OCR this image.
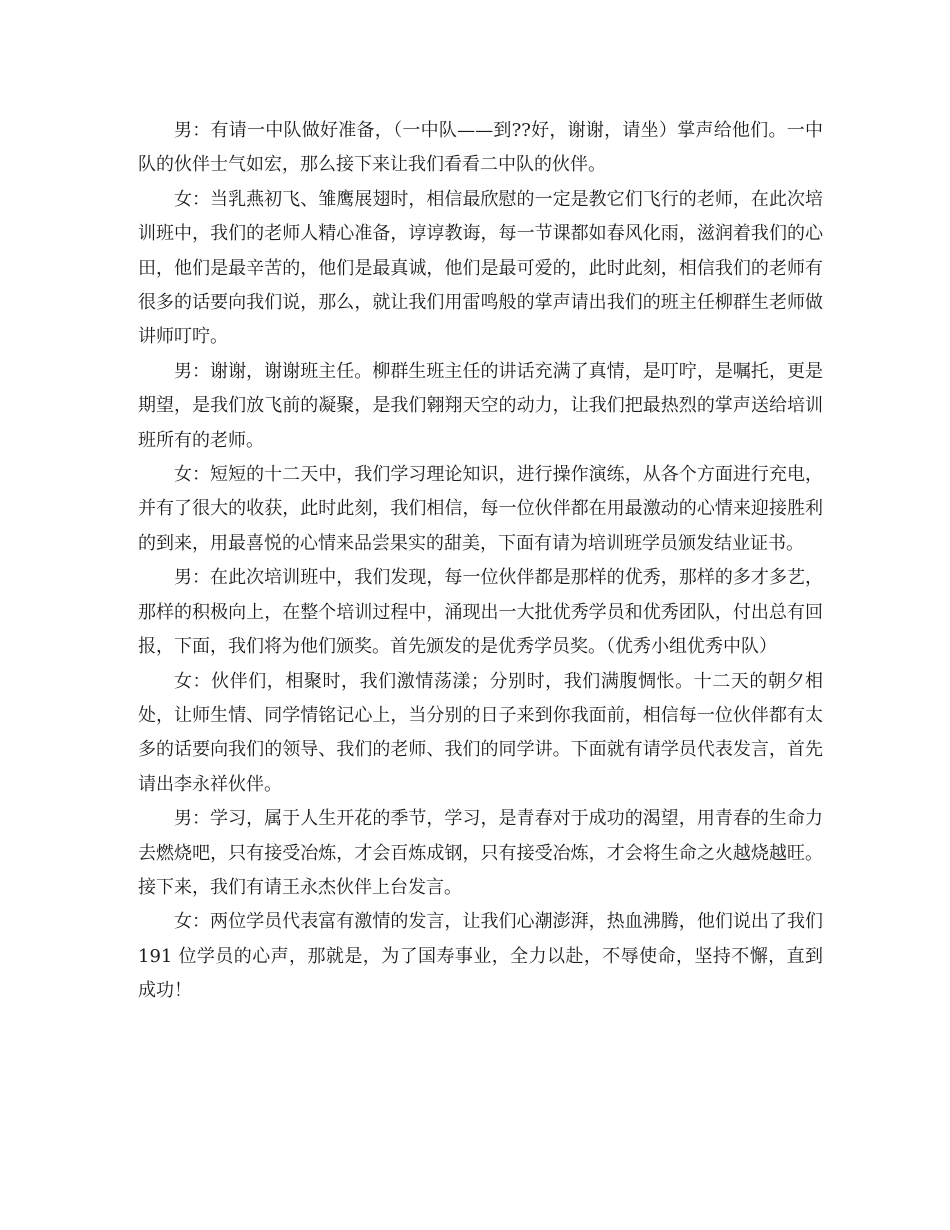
男：有请一中队做好准备，（一中队——到??好，谢谢，请坐）掌声给他们。一中队的伙伴士气如宏，那么接下来让我们看看二中队的伙伴。

女：当乳燕初飞、雏鹰展翅时，相信最欣慰的一定是教它们飞行的老师，在此次培训班中，我们的老师人精心准备，谆谆教诲，每一节课都如春风化雨，滋润着我们的心田，他们是最辛苦的，他们是最真诚，他们是最可爱的，此时此刻，相信我们的老师有很多的话要向我们说，那么，就让我们用雷鸣般的掌声请出我们的班主任柳群生老师做讲师叮咛。

男：谢谢，谢谢班主任。柳群生班主任的讲话充满了真情，是叮咛，是嘱托，更是期望，是我们放飞前的凝聚，是我们翱翔天空的动力，让我们把最热烈的掌声送给培训班所有的老师。

女：短短的十二天中，我们学习理论知识，进行操作演练，从各个方面进行充电，并有了很大的收获，此时此刻，我们相信，每一位伙伴都在用最激动的心情来迎接胜利的到来，用最喜悦的心情来品尝果实的甜美，下面有请为培训班学员颁发结业证书。

男：在此次培训班中，我们发现，每一位伙伴都是那样的优秀，那样的多才多艺，那样的积极向上，在整个培训过程中，涌现出一大批优秀学员和优秀团队，付出总有回报，下面，我们将为他们颁奖。首先颁发的是优秀学员奖。（优秀小组优秀中队）

女：伙伴们，相聚时，我们激情荡漾；分别时，我们满腹惆怅。十二天的朝夕相处，让师生情、同学情铭记心上，当分别的日子来到你我面前，相信每一位伙伴都有太多的话要向我们的领导、我们的老师、我们的同学讲。下面就有请学员代表发言，首先请出李永祥伙伴。

男：学习，属于人生开花的季节，学习，是青春对于成功的渴望，用青春的生命力去燃烧吧，只有接受冶炼，才会百炼成钢，只有接受冶炼，才会将生命之火越烧越旺。接下来，我们有请王永杰伙伴上台发言。

女：两位学员代表富有激情的发言，让我们心潮澎湃，热血沸腾，他们说出了我们 191 位学员的心声，那就是，为了国寿事业，全力以赴，不辱使命，坚持不懈，直到成功！
